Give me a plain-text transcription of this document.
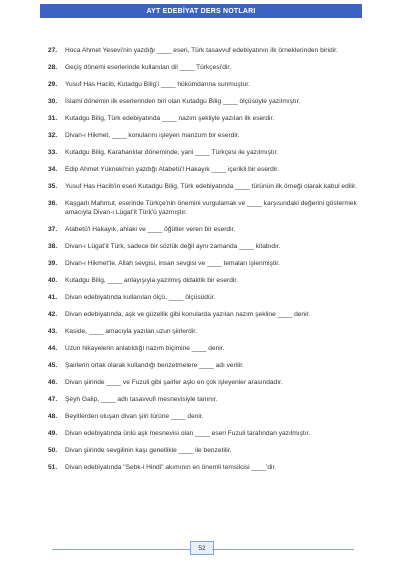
AYT EDEBİYAT DERS NOTLARI
27.	Hoca Ahmet Yesevi'nin yazdığı ____ eseri, Türk tasavvuf edebiyatının ilk örneklerinden biridir.
28.	Geçiş dönemi eserlerinde kullanılan dil ____ Türkçesi'dir.
29.	Yusuf Has Hacib, Kutadgu Bilig'i ____ hükümdarına sunmuştur.
30.	İslami dönemin ilk eserlerinden biri olan Kutadgu Bilig ____ ölçüsüyle yazılmıştır.
31.	Kutadgu Bilig, Türk edebiyatında ____ nazım şekliyle yazılan ilk eserdir.
32.	Divan-ı Hikmet, ____ konularını işleyen manzum bir eserdir.
33.	Kutadgu Bilig, Karahanlılar döneminde, yani ____ Türkçesi ile yazılmıştır.
34.	Edip Ahmet Yükneki'nin yazdığı Atabetü'l Hakayık ____ içerikli bir eserdir.
35.	Yusuf Has Hacib'in eseri Kutadgu Bilig, Türk edebiyatında ____ türünün ilk örneği olarak kabul edilir.
36.	Kaşgarlı Mahmut, eserinde Türkçe'nin önemini vurgulamak ve ____ karşısındaki değerini göstermek amacıyla Divan-ı Lügat'it Türk'ü yazmıştır.
37.	Atabetü'l Hakayık, ahlaki ve ____ öğütler veren bir eserdir.
38.	Divan-ı Lügat'it Türk, sadece bir sözlük değil aynı zamanda ____ kitabıdır.
39.	Divan-ı Hikmet'te, Allah sevgisi, insan sevgisi ve ____ temaları işlenmiştir.
40.	Kutadgu Bilig, ____ anlayışıyla yazılmış didaktik bir eserdir.
41.	Divan edebiyatında kullanılan ölçü, ____ ölçüsüdür.
42.	Divan edebiyatında, aşk ve güzellik gibi konularda yazılan nazım şekline ____ denir.
43.	Kaside, ____ amacıyla yazılan uzun şiirlerdir.
44.	Uzun hikayelerin anlatıldığı nazım biçimine ____ denir.
45.	Şairlerin ortak olarak kullandığı benzetmelere ____ adı verilir.
46.	Divan şiirinde ____ ve Fuzuli gibi şairler aşkı en çok işleyenler arasındadır.
47.	Şeyh Galip, ____ adlı tasavvufi mesnevisiyle tanınır.
48.	Beyitlerden oluşan divan şiiri türüne ____ denir.
49.	Divan edebiyatında ünlü aşk mesnevisi olan ____ eseri Fuzuli tarafından yazılmıştır.
50.	Divan şiirinde sevgilinin kaşı genellikle ____ ile benzetilir.
51.	Divan edebiyatında "Sebk-i Hindi" akımının en önemli temsilcisi ____'dir.
52
